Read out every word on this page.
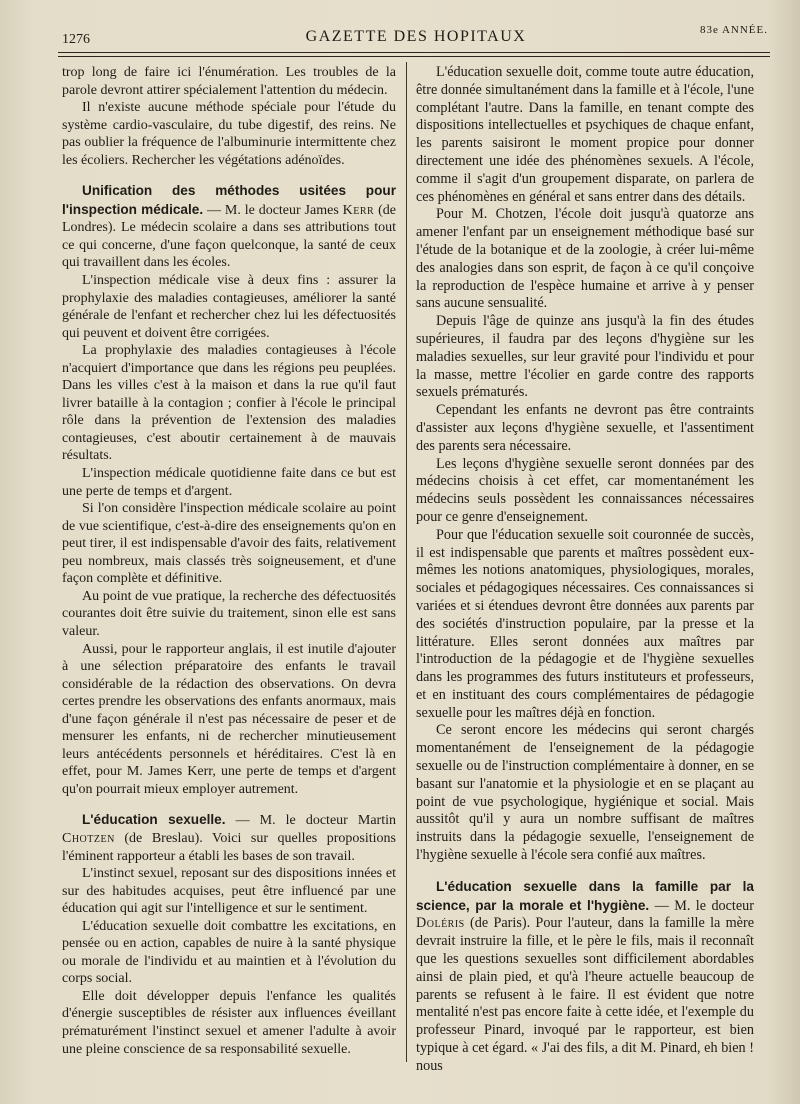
1276	GAZETTE DES HOPITAUX	83e ANNÉE.

trop long de faire ici l'énumération. Les troubles de la parole devront attirer spécialement l'attention du médecin.

Il n'existe aucune méthode spéciale pour l'étude du système cardio-vasculaire, du tube digestif, des reins. Ne pas oublier la fréquence de l'albuminurie intermittente chez les écoliers. Rechercher les végétations adénoïdes.

Unification des méthodes usitées pour l'inspection médicale. — M. le docteur James Kerr (de Londres). Le médecin scolaire a dans ses attributions tout ce qui concerne, d'une façon quelconque, la santé de ceux qui travaillent dans les écoles.

L'inspection médicale vise à deux fins : assurer la prophylaxie des maladies contagieuses, améliorer la santé générale de l'enfant et rechercher chez lui les défectuosités qui peuvent et doivent être corrigées.

La prophylaxie des maladies contagieuses à l'école n'acquiert d'importance que dans les régions peu peuplées. Dans les villes c'est à la maison et dans la rue qu'il faut livrer bataille à la contagion ; confier à l'école le principal rôle dans la prévention de l'extension des maladies contagieuses, c'est aboutir certainement à de mauvais résultats.

L'inspection médicale quotidienne faite dans ce but est une perte de temps et d'argent.

Si l'on considère l'inspection médicale scolaire au point de vue scientifique, c'est-à-dire des enseignements qu'on en peut tirer, il est indispensable d'avoir des faits, relativement peu nombreux, mais classés très soigneusement, et d'une façon complète et définitive.

Au point de vue pratique, la recherche des défectuosités courantes doit être suivie du traitement, sinon elle est sans valeur.

Aussi, pour le rapporteur anglais, il est inutile d'ajouter à une sélection préparatoire des enfants le travail considérable de la rédaction des observations. On devra certes prendre les observations des enfants anormaux, mais d'une façon générale il n'est pas nécessaire de peser et de mensurer les enfants, ni de rechercher minutieusement leurs antécédents personnels et héréditaires. C'est là en effet, pour M. James Kerr, une perte de temps et d'argent qu'on pourrait mieux employer autrement.

L'éducation sexuelle. — M. le docteur Martin Chotzen (de Breslau). Voici sur quelles propositions l'éminent rapporteur a établi les bases de son travail.

L'instinct sexuel, reposant sur des dispositions innées et sur des habitudes acquises, peut être influencé par une éducation qui agit sur l'intelligence et sur le sentiment.

L'éducation sexuelle doit combattre les excitations, en pensée ou en action, capables de nuire à la santé physique ou morale de l'individu et au maintien et à l'évolution du corps social.

Elle doit développer depuis l'enfance les qualités d'énergie susceptibles de résister aux influences éveillant prématurément l'instinct sexuel et amener l'adulte à avoir une pleine conscience de sa responsabilité sexuelle.

L'éducation sexuelle doit, comme toute autre éducation, être donnée simultanément dans la famille et à l'école, l'une complétant l'autre. Dans la famille, en tenant compte des dispositions intellectuelles et psychiques de chaque enfant, les parents saisiront le moment propice pour donner directement une idée des phénomènes sexuels. A l'école, comme il s'agit d'un groupement disparate, on parlera de ces phénomènes en général et sans entrer dans des détails.

Pour M. Chotzen, l'école doit jusqu'à quatorze ans amener l'enfant par un enseignement méthodique basé sur l'étude de la botanique et de la zoologie, à créer lui-même des analogies dans son esprit, de façon à ce qu'il conçoive la reproduction de l'espèce humaine et arrive à y penser sans aucune sensualité.

Depuis l'âge de quinze ans jusqu'à la fin des études supérieures, il faudra par des leçons d'hygiène sur les maladies sexuelles, sur leur gravité pour l'individu et pour la masse, mettre l'écolier en garde contre des rapports sexuels prématurés.

Cependant les enfants ne devront pas être contraints d'assister aux leçons d'hygiène sexuelle, et l'assentiment des parents sera nécessaire.

Les leçons d'hygiène sexuelle seront données par des médecins choisis à cet effet, car momentanément les médecins seuls possèdent les connaissances nécessaires pour ce genre d'enseignement.

Pour que l'éducation sexuelle soit couronnée de succès, il est indispensable que parents et maîtres possèdent eux-mêmes les notions anatomiques, physiologiques, morales, sociales et pédagogiques nécessaires. Ces connaissances si variées et si étendues devront être données aux parents par des sociétés d'instruction populaire, par la presse et la littérature. Elles seront données aux maîtres par l'introduction de la pédagogie et de l'hygiène sexuelles dans les programmes des futurs instituteurs et professeurs, et en instituant des cours complémentaires de pédagogie sexuelle pour les maîtres déjà en fonction.

Ce seront encore les médecins qui seront chargés momentanément de l'enseignement de la pédagogie sexuelle ou de l'instruction complémentaire à donner, en se basant sur l'anatomie et la physiologie et en se plaçant au point de vue psychologique, hygiénique et social. Mais aussitôt qu'il y aura un nombre suffisant de maîtres instruits dans la pédagogie sexuelle, l'enseignement de l'hygiène sexuelle à l'école sera confié aux maîtres.

L'éducation sexuelle dans la famille par la science, par la morale et l'hygiène. — M. le docteur Doléris (de Paris). Pour l'auteur, dans la famille la mère devrait instruire la fille, et le père le fils, mais il reconnaît que les questions sexuelles sont difficilement abordables ainsi de plain pied, et qu'à l'heure actuelle beaucoup de parents se refusent à le faire. Il est évident que notre mentalité n'est pas encore faite à cette idée, et l'exemple du professeur Pinard, invoqué par le rapporteur, est bien typique à cet égard. « J'ai des fils, a dit M. Pinard, eh bien ! nous
